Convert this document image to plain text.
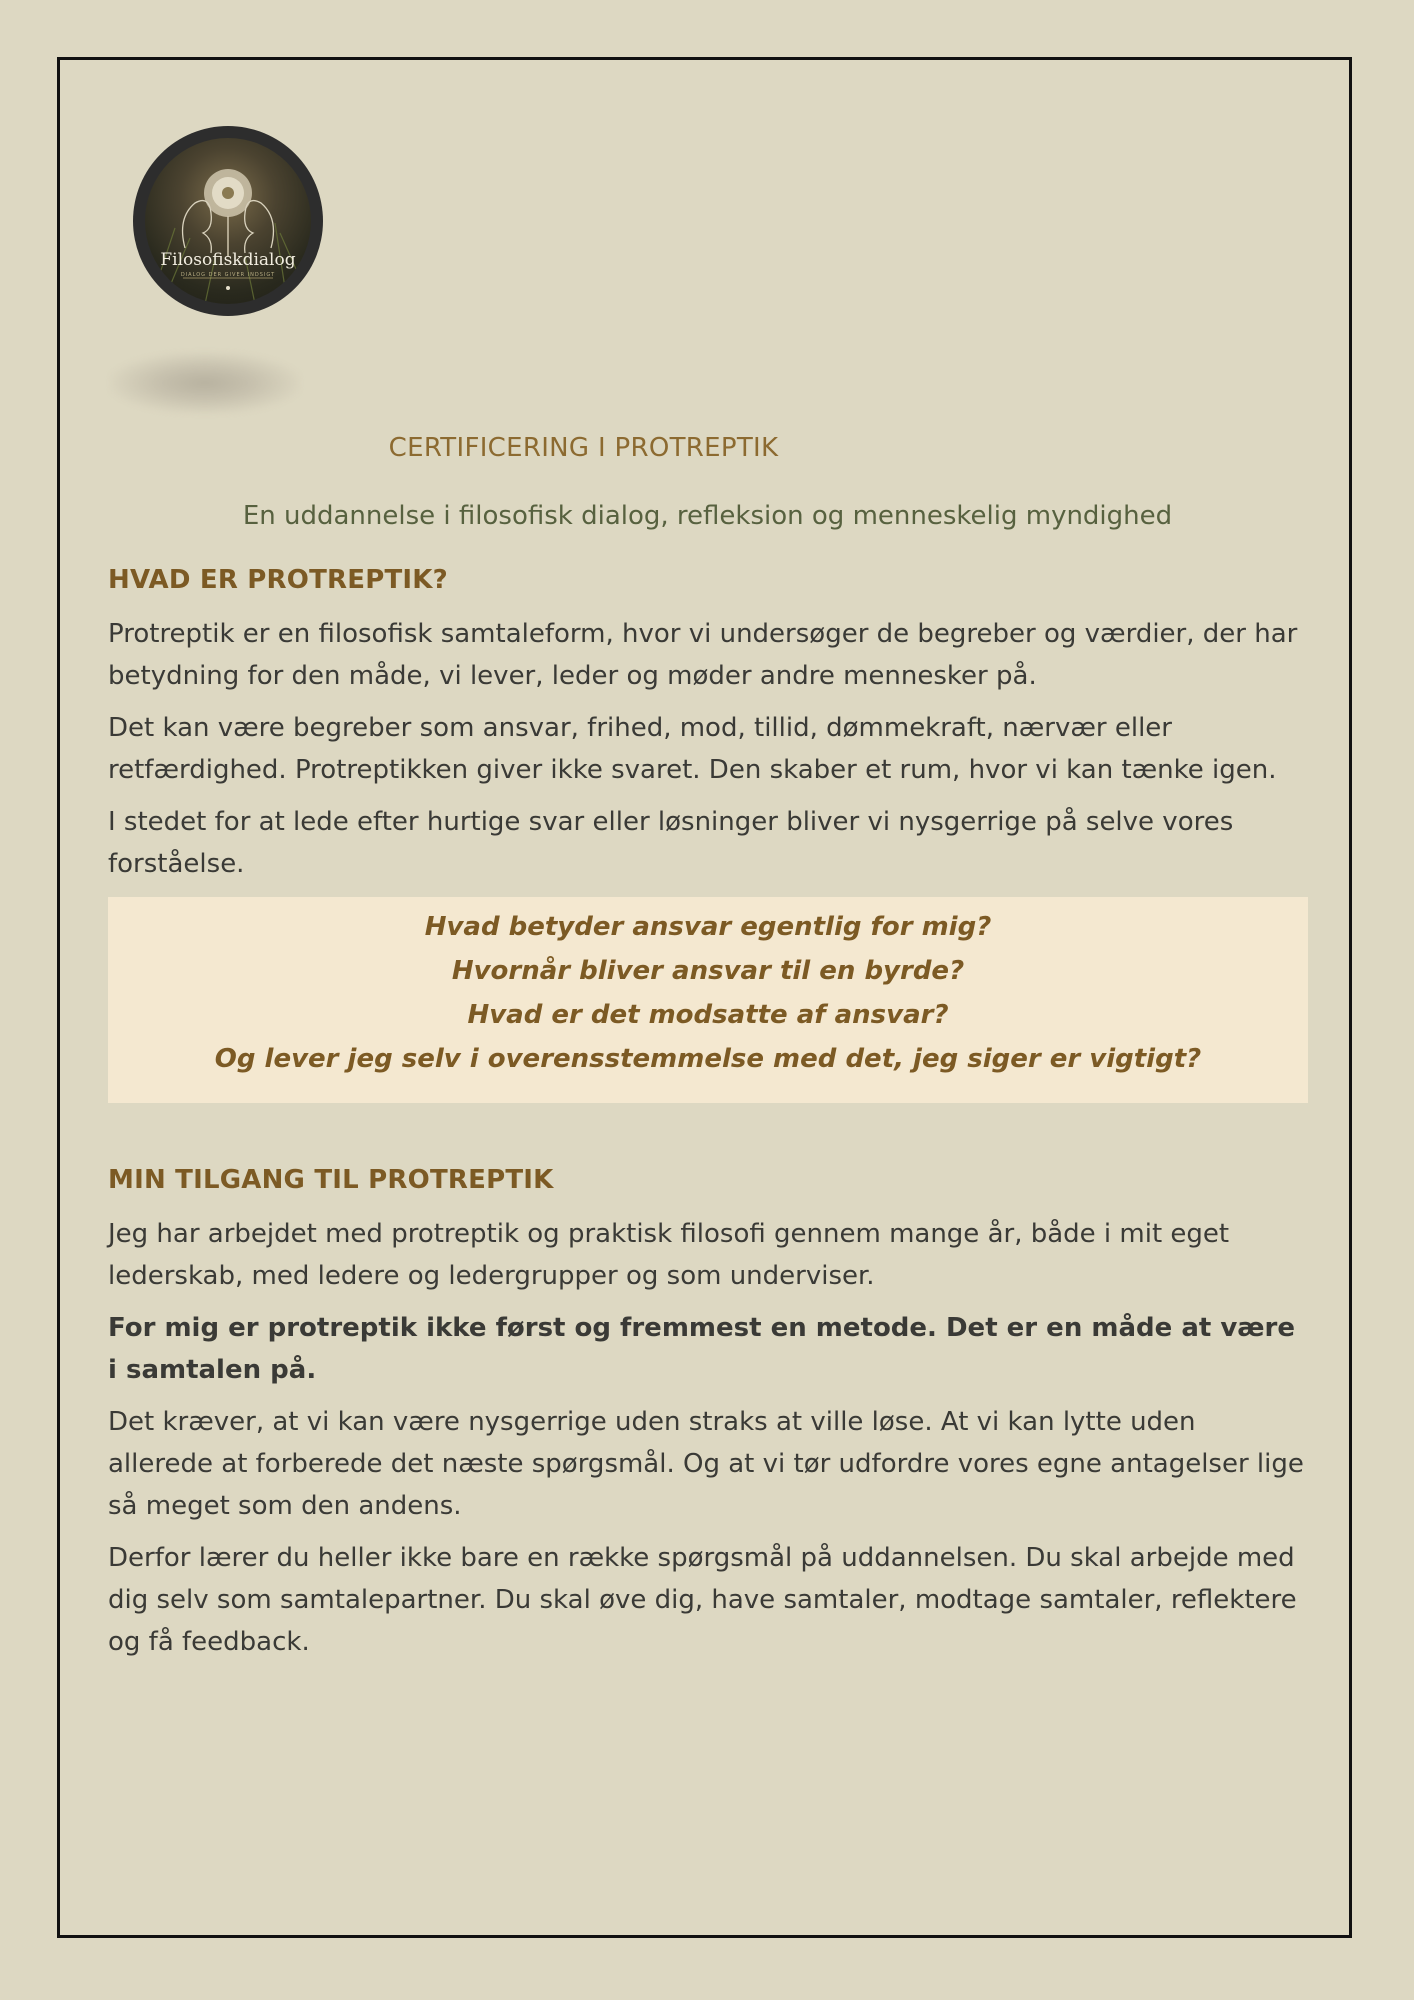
Filosofiskdialog
DIALOG DER GIVER INDSIGT
CERTIFICERING I PROTREPTIK
En uddannelse i filosofisk dialog, refleksion og menneskelig myndighed
HVAD ER PROTREPTIK?

Protreptik er en filosofisk samtaleform, hvor vi undersøger de begreber og værdier, der har betydning for den måde, vi lever, leder og møder andre mennesker på.

Det kan være begreber som ansvar, frihed, mod, tillid, dømmekraft, nærvær eller retfærdighed. Protreptikken giver ikke svaret. Den skaber et rum, hvor vi kan tænke igen.

I stedet for at lede efter hurtige svar eller løsninger bliver vi nysgerrige på selve vores forståelse.

Hvad betyder ansvar egentlig for mig?
Hvornår bliver ansvar til en byrde?
Hvad er det modsatte af ansvar?
Og lever jeg selv i overensstemmelse med det, jeg siger er vigtigt?
MIN TILGANG TIL PROTREPTIK

Jeg har arbejdet med protreptik og praktisk filosofi gennem mange år, både i mit eget lederskab, med ledere og ledergrupper og som underviser.

For mig er protreptik ikke først og fremmest en metode. Det er en måde at være i samtalen på.

Det kræver, at vi kan være nysgerrige uden straks at ville løse. At vi kan lytte uden allerede at forberede det næste spørgsmål. Og at vi tør udfordre vores egne antagelser lige så meget som den andens.

Derfor lærer du heller ikke bare en række spørgsmål på uddannelsen. Du skal arbejde med dig selv som samtalepartner. Du skal øve dig, have samtaler, modtage samtaler, reflektere og få feedback.
